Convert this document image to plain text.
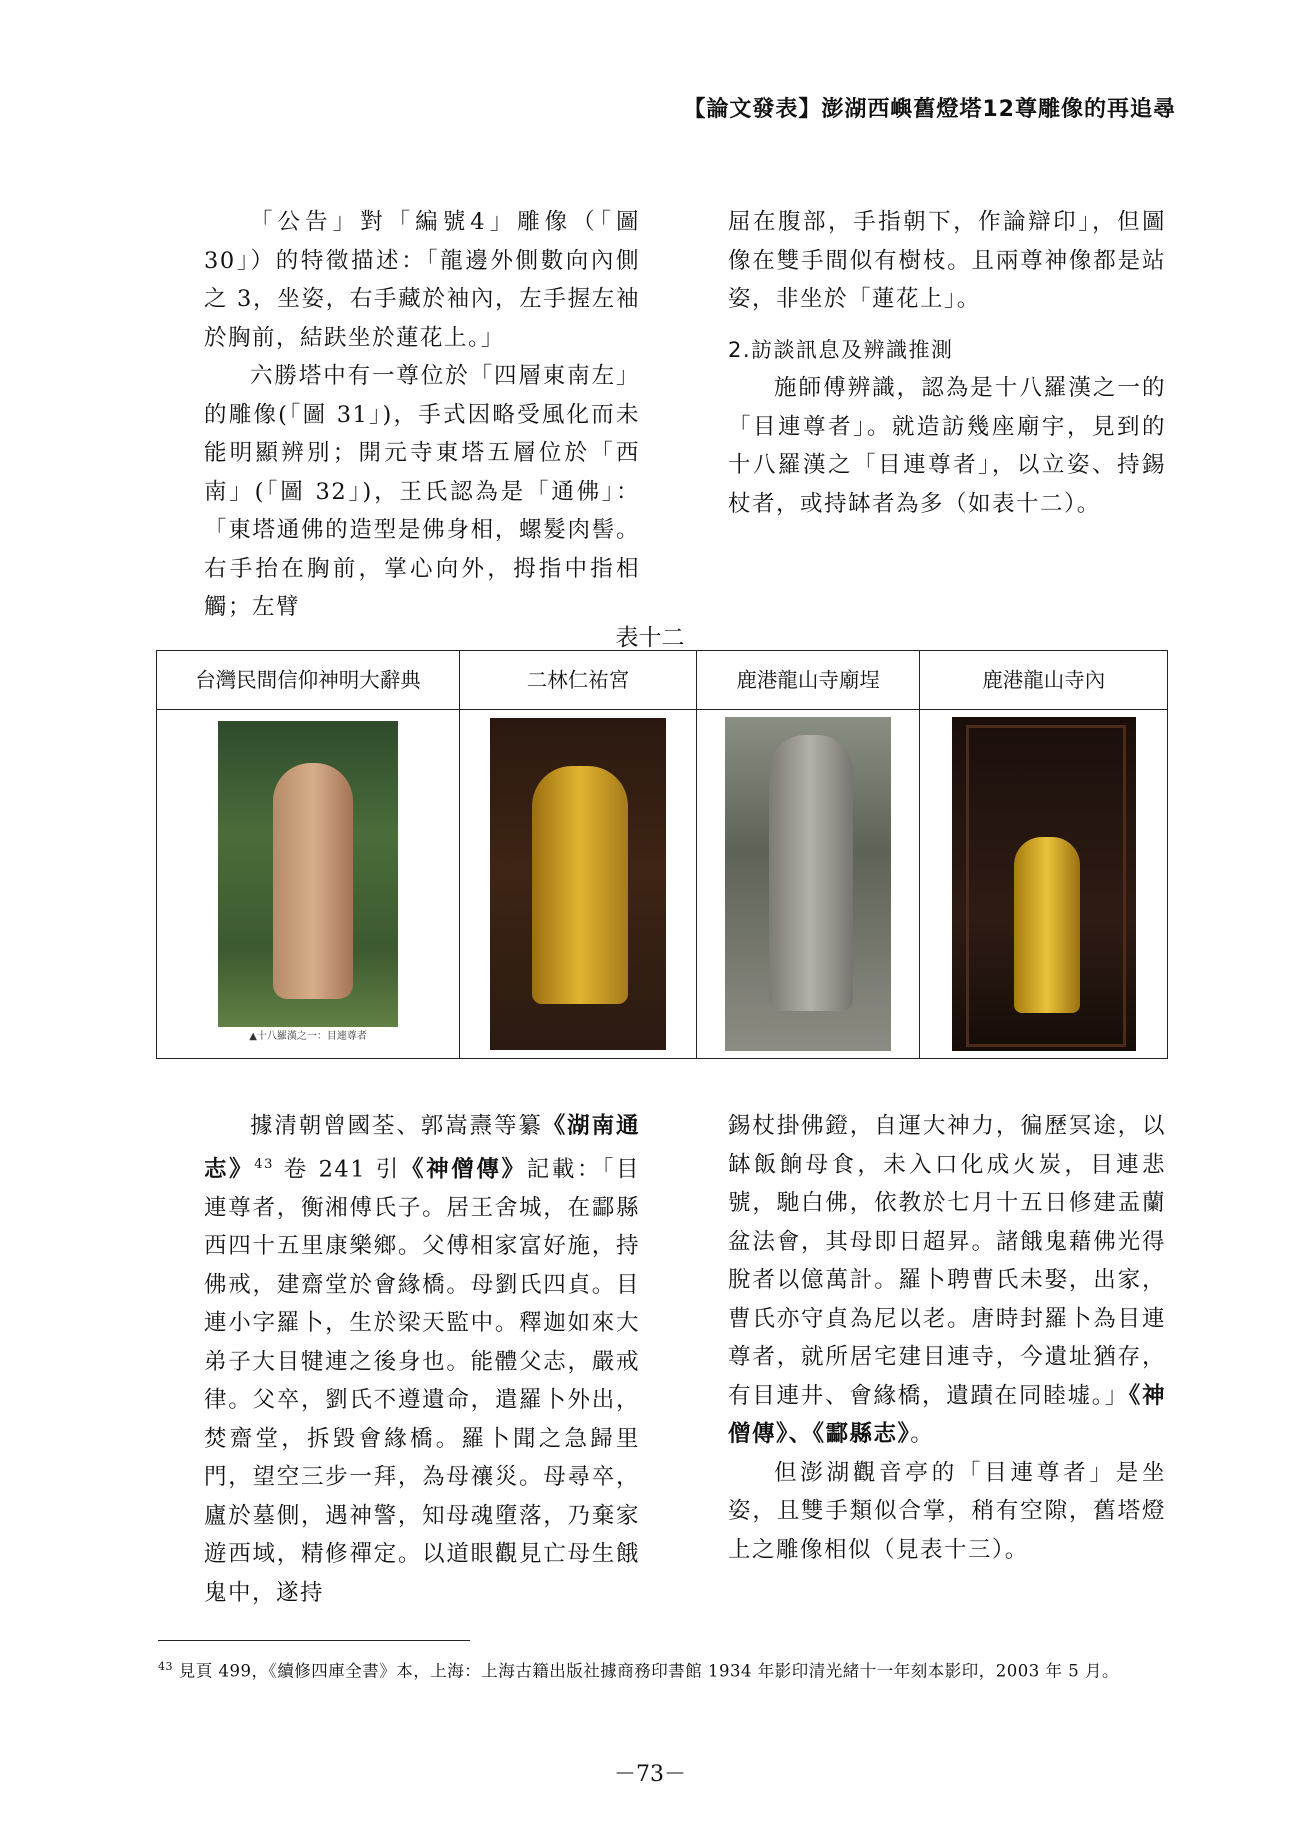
【論文發表】澎湖西嶼舊燈塔12尊雕像的再追尋

「公告」對「編號4」雕像（「圖 30」）的特徵描述：「龍邊外側數向內側之 3，坐姿，右手藏於袖內，左手握左袖於胸前，結趺坐於蓮花上。」

六勝塔中有一尊位於「四層東南左」的雕像(「圖 31」)，手式因略受風化而未能明顯辨別；開元寺東塔五層位於「西南」(「圖 32」)，王氏認為是「通佛」：「東塔通佛的造型是佛身相，螺髮肉髻。右手抬在胸前，掌心向外，拇指中指相觸；左臂

屈在腹部，手指朝下，作論辯印」，但圖像在雙手間似有樹枝。且兩尊神像都是站姿，非坐於「蓮花上」。

2.訪談訊息及辨識推測

施師傅辨識，認為是十八羅漢之一的「目連尊者」。就造訪幾座廟宇，見到的十八羅漢之「目連尊者」，以立姿、持錫杖者，或持缽者為多（如表十二）。

表十二
台灣民間信仰神明大辭典	二林仁祐宮	鹿港龍山寺廟埕	鹿港龍山寺內

▲十八羅漢之一：目連尊者			

據清朝曾國荃、郭嵩燾等纂《湖南通志》$^{43}$ 卷 241 引《神僧傳》記載：「目連尊者，衡湘傅氏子。居王舍城，在酃縣西四十五里康樂鄉。父傅相家富好施，持佛戒，建齋堂於會緣橋。母劉氏四貞。目連小字羅卜，生於梁天監中。釋迦如來大弟子大目犍連之後身也。能體父志，嚴戒律。父卒，劉氏不遵遺命，遣羅卜外出，焚齋堂，拆毀會緣橋。羅卜聞之急歸里門，望空三步一拜，為母禳災。母尋卒，廬於墓側，遇神警，知母魂墮落，乃棄家遊西域，精修禪定。以道眼觀見亡母生餓鬼中，遂持

錫杖掛佛鐙，自運大神力，徧歷冥途，以缽飯餉母食，未入口化成火炭，目連悲號，馳白佛，依教於七月十五日修建盂蘭盆法會，其母即日超昇。諸餓鬼藉佛光得脫者以億萬計。羅卜聘曹氏未娶，出家，曹氏亦守貞為尼以老。唐時封羅卜為目連尊者，就所居宅建目連寺，今遺址猶存，有目連井、會緣橋，遺蹟在同睦墟。」《神僧傳》、《酃縣志》。

但澎湖觀音亭的「目連尊者」是坐姿，且雙手類似合掌，稍有空隙，舊塔燈上之雕像相似（見表十三）。

$^{43}$ 見頁 499，《續修四庫全書》本，上海：上海古籍出版社據商務印書館 1934 年影印清光緒十一年刻本影印，2003 年 5 月。
－73－
